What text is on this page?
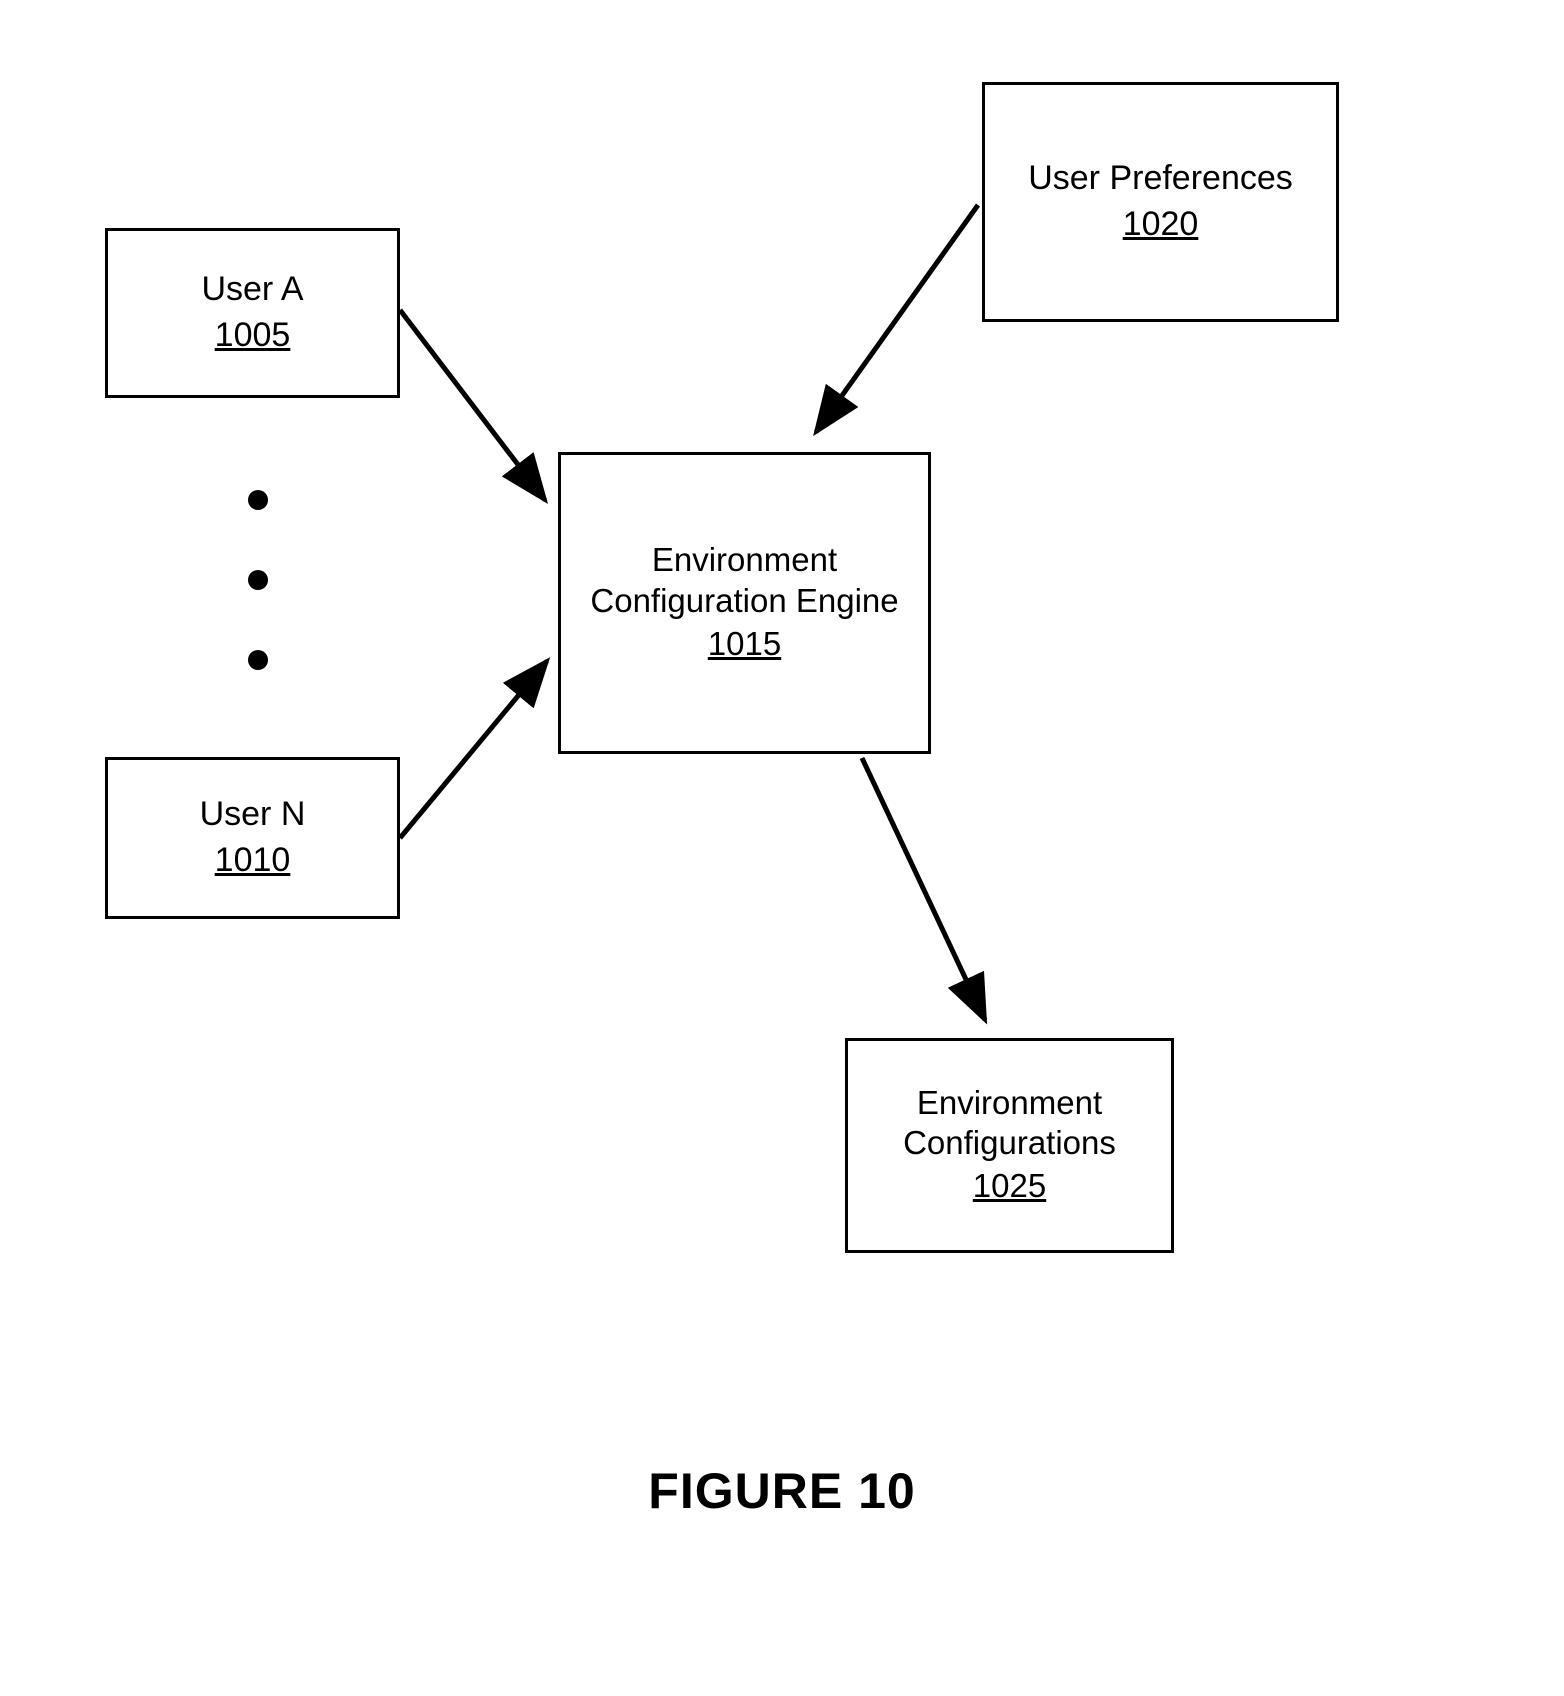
User A
1005
User N
1010
Environment
Configuration Engine
1015
User Preferences
1020
Environment
Configurations
1025
FIGURE 10
